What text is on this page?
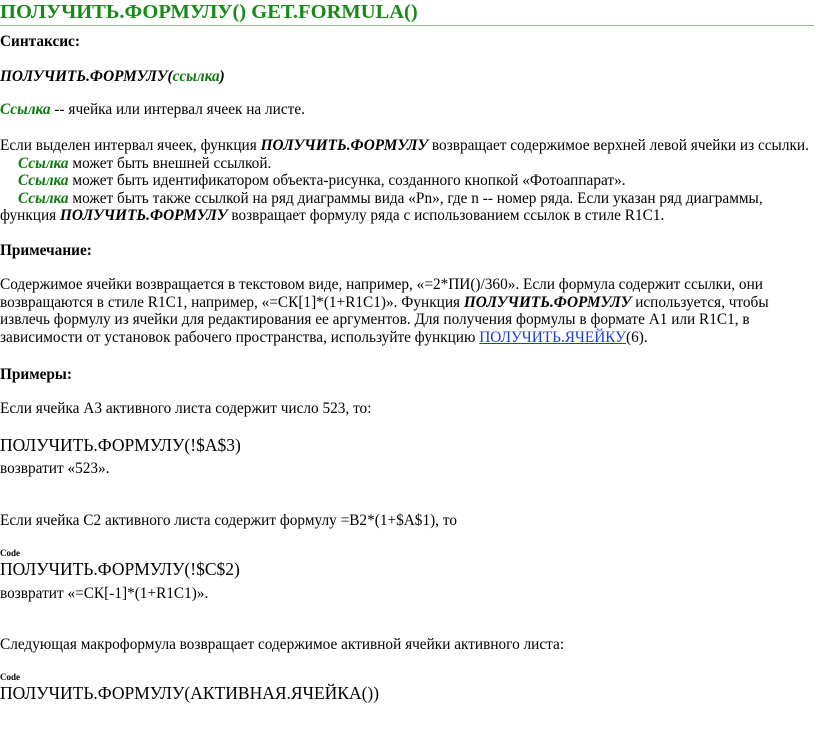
ПОЛУЧИТЬ.ФОРМУЛУ() GET.FORMULA()
Синтаксис:
ПОЛУЧИТЬ.ФОРМУЛУ(ссылка)
Ссылка -- ячейка или интервал ячеек на листе.
Если выделен интервал ячеек, функция ПОЛУЧИТЬ.ФОРМУЛУ возвращает содержимое верхней левой ячейки из ссылки.
Ссылка может быть внешней ссылкой.
Ссылка может быть идентификатором объекта-рисунка, созданного кнопкой «Фотоаппарат».
Ссылка может быть также ссылкой на ряд диаграммы вида «Pn», где n -- номер ряда. Если указан ряд диаграммы,
функция ПОЛУЧИТЬ.ФОРМУЛУ возвращает формулу ряда с использованием ссылок в стиле R1C1.
Примечание:
Содержимое ячейки возвращается в текстовом виде, например, «=2*ПИ()/360». Если формула содержит ссылки, они
возвращаются в стиле R1C1, например, «=СК[1]*(1+R1C1)». Функция ПОЛУЧИТЬ.ФОРМУЛУ используется, чтобы
извлечь формулу из ячейки для редактирования ее аргументов. Для получения формулы в формате A1 или R1C1, в
зависимости от установок рабочего пространства, используйте функцию ПОЛУЧИТЬ.ЯЧЕЙКУ(6).
Примеры:
Если ячейка A3 активного листа содержит число 523, то:
ПОЛУЧИТЬ.ФОРМУЛУ(!$A$3)
возвратит «523».
Если ячейка C2 активного листа содержит формулу =B2*(1+$A$1), то
Code
ПОЛУЧИТЬ.ФОРМУЛУ(!$C$2)
возвратит «=СК[-1]*(1+R1C1)».
Следующая макроформула возвращает содержимое активной ячейки активного листа:
Code
ПОЛУЧИТЬ.ФОРМУЛУ(АКТИВНАЯ.ЯЧЕЙКА())
